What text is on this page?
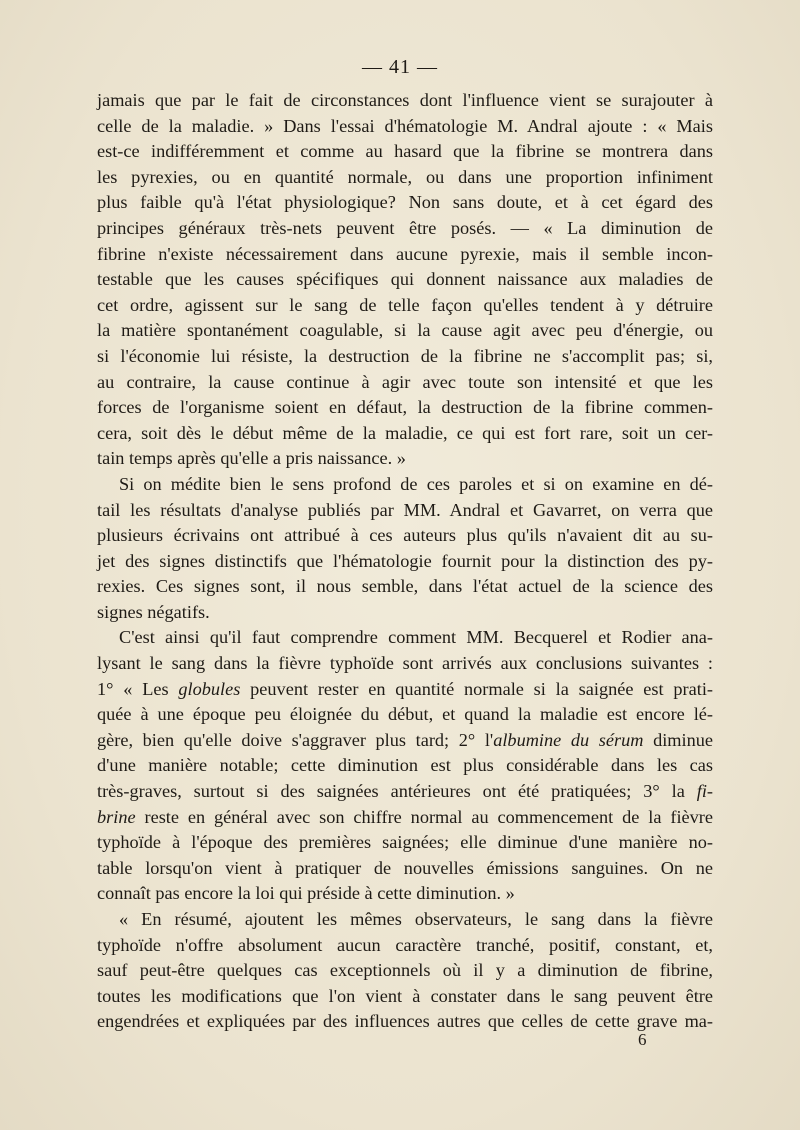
— 41 —
jamais que par le fait de circonstances dont l'influence vient se surajouter à
celle de la maladie. » Dans l'essai d'hématologie M. Andral ajoute : « Mais
est-ce indifféremment et comme au hasard que la fibrine se montrera dans
les pyrexies, ou en quantité normale, ou dans une proportion infiniment
plus faible qu'à l'état physiologique? Non sans doute, et à cet égard des
principes généraux très-nets peuvent être posés. — « La diminution de
fibrine n'existe nécessairement dans aucune pyrexie, mais il semble incon-
testable que les causes spécifiques qui donnent naissance aux maladies de
cet ordre, agissent sur le sang de telle façon qu'elles tendent à y détruire
la matière spontanément coagulable, si la cause agit avec peu d'énergie, ou
si l'économie lui résiste, la destruction de la fibrine ne s'accomplit pas; si,
au contraire, la cause continue à agir avec toute son intensité et que les
forces de l'organisme soient en défaut, la destruction de la fibrine commen-
cera, soit dès le début même de la maladie, ce qui est fort rare, soit un cer-
tain temps après qu'elle a pris naissance. »
Si on médite bien le sens profond de ces paroles et si on examine en dé-
tail les résultats d'analyse publiés par MM. Andral et Gavarret, on verra que
plusieurs écrivains ont attribué à ces auteurs plus qu'ils n'avaient dit au su-
jet des signes distinctifs que l'hématologie fournit pour la distinction des py-
rexies. Ces signes sont, il nous semble, dans l'état actuel de la science des
signes négatifs.
C'est ainsi qu'il faut comprendre comment MM. Becquerel et Rodier ana-
lysant le sang dans la fièvre typhoïde sont arrivés aux conclusions suivantes :
1° « Les globules peuvent rester en quantité normale si la saignée est prati-
quée à une époque peu éloignée du début, et quand la maladie est encore lé-
gère, bien qu'elle doive s'aggraver plus tard; 2° l'albumine du sérum diminue
d'une manière notable; cette diminution est plus considérable dans les cas
très-graves, surtout si des saignées antérieures ont été pratiquées; 3° la fi-
brine reste en général avec son chiffre normal au commencement de la fièvre
typhoïde à l'époque des premières saignées; elle diminue d'une manière no-
table lorsqu'on vient à pratiquer de nouvelles émissions sanguines. On ne
connaît pas encore la loi qui préside à cette diminution. »
« En résumé, ajoutent les mêmes observateurs, le sang dans la fièvre
typhoïde n'offre absolument aucun caractère tranché, positif, constant, et,
sauf peut-être quelques cas exceptionnels où il y a diminution de fibrine,
toutes les modifications que l'on vient à constater dans le sang peuvent être
engendrées et expliquées par des influences autres que celles de cette grave ma-
6
